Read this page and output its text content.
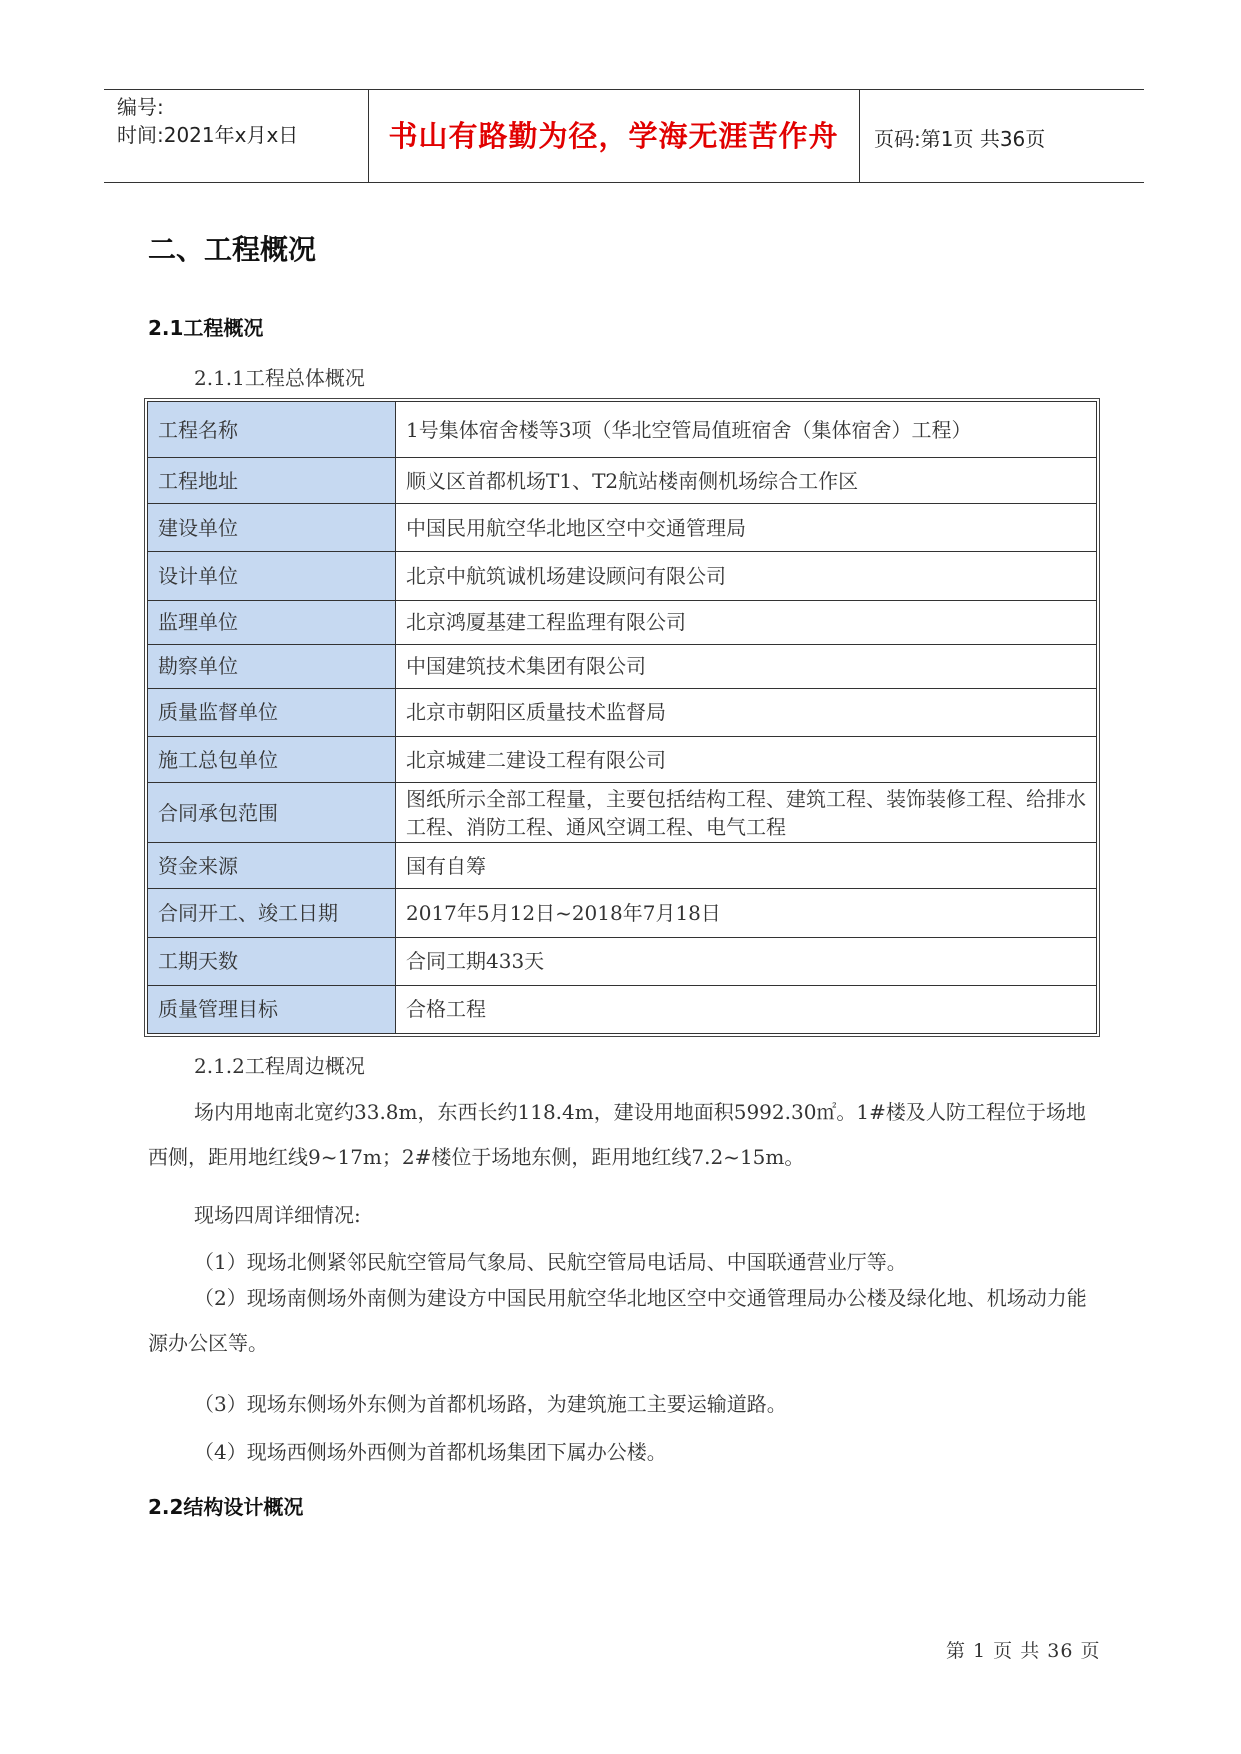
编号:
时间:2021年x月x日	书山有路勤为径，学海无涯苦作舟	页码:第1页 共36页
二、工程概况
2.1工程概况
2.1.1工程总体概况
工程名称	1号集体宿舍楼等3项（华北空管局值班宿舍（集体宿舍）工程）
工程地址	顺义区首都机场T1、T2航站楼南侧机场综合工作区
建设单位	中国民用航空华北地区空中交通管理局
设计单位	北京中航筑诚机场建设顾问有限公司
监理单位	北京鸿厦基建工程监理有限公司
勘察单位	中国建筑技术集团有限公司
质量监督单位	北京市朝阳区质量技术监督局
施工总包单位	北京城建二建设工程有限公司
合同承包范围	图纸所示全部工程量，主要包括结构工程、建筑工程、装饰装修工程、给排水工程、消防工程、通风空调工程、电气工程
资金来源	国有自筹
合同开工、竣工日期	2017年5月12日~2018年7月18日
工期天数	合同工期433天
质量管理目标	合格工程
2.1.2工程周边概况
场内用地南北宽约33.8m，东西长约118.4m，建设用地面积5992.30㎡。1#楼及人防工程位于场地西侧，距用地红线9~17m；2#楼位于场地东侧，距用地红线7.2~15m。
现场四周详细情况:
（1）现场北侧紧邻民航空管局气象局、民航空管局电话局、中国联通营业厅等。
（2）现场南侧场外南侧为建设方中国民用航空华北地区空中交通管理局办公楼及绿化地、机场动力能源办公区等。
（3）现场东侧场外东侧为首都机场路，为建筑施工主要运输道路。
（4）现场西侧场外西侧为首都机场集团下属办公楼。
2.2结构设计概况
第 1 页 共 36 页
